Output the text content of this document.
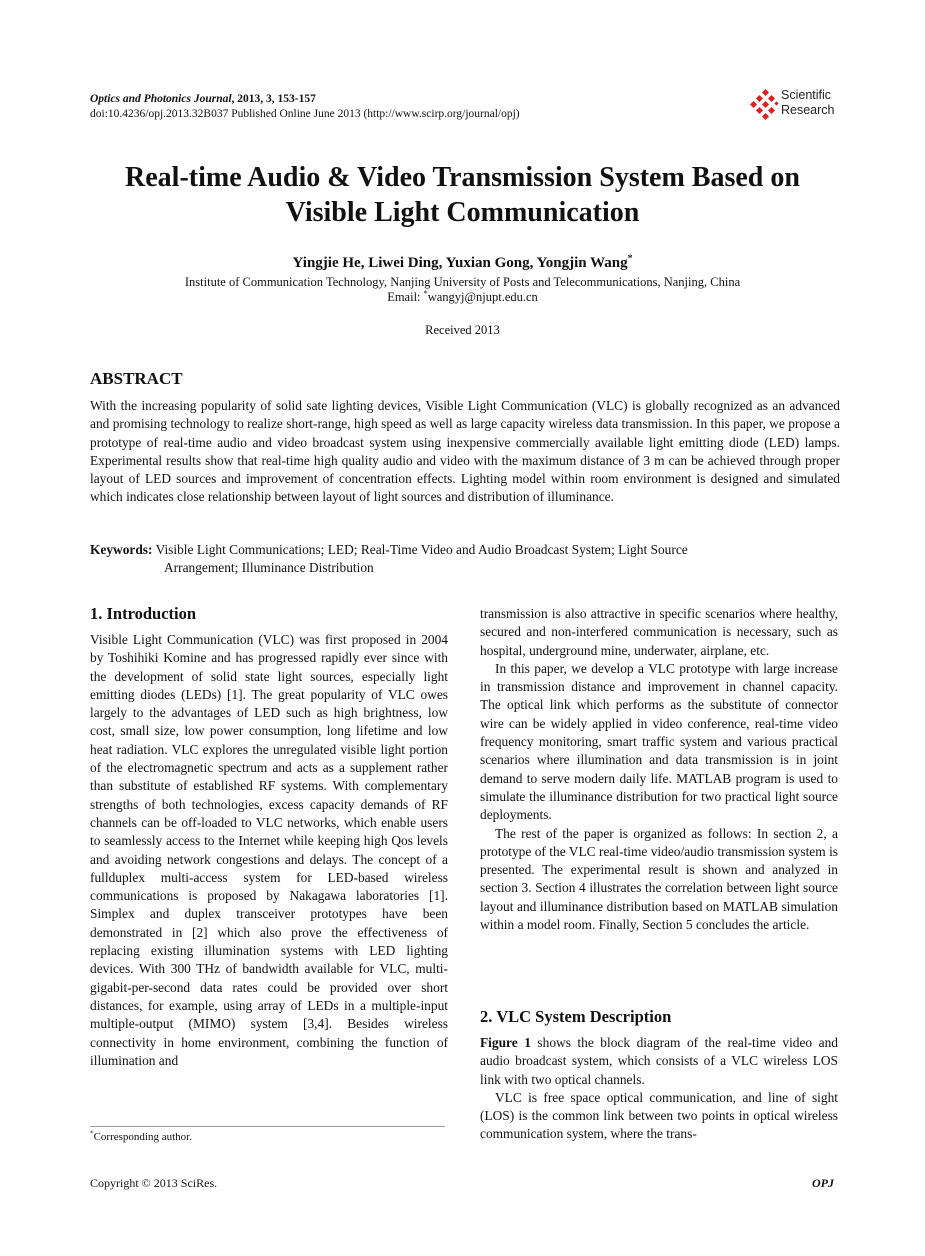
Optics and Photonics Journal, 2013, 3, 153-157
doi:10.4236/opj.2013.32B037 Published Online June 2013 (http://www.scirp.org/journal/opj)
Scientific
Research
Real-time Audio & Video Transmission System Based on
Visible Light Communication
Yingjie He, Liwei Ding, Yuxian Gong, Yongjin Wang*
Institute of Communication Technology, Nanjing University of Posts and Telecommunications, Nanjing, China
Email: *wangyj@njupt.edu.cn
Received 2013
ABSTRACT
With the increasing popularity of solid sate lighting devices, Visible Light Communication (VLC) is globally recognized as an advanced and promising technology to realize short-range, high speed as well as large capacity wireless data transmission. In this paper, we propose a prototype of real-time audio and video broadcast system using inexpensive commercially available light emitting diode (LED) lamps. Experimental results show that real-time high quality audio and video with the maximum distance of 3 m can be achieved through proper layout of LED sources and improvement of concentration effects. Lighting model within room environment is designed and simulated which indicates close relationship between layout of light sources and distribution of illuminance.
Keywords: Visible Light Communications; LED; Real-Time Video and Audio Broadcast System; Light Source
Arrangement; Illuminance Distribution
1. Introduction

Visible Light Communication (VLC) was first proposed in 2004 by Toshihiki Komine and has progressed rapidly ever since with the development of solid state light sources, especially light emitting diodes (LEDs) [1]. The great popularity of VLC owes largely to the advantages of LED such as high brightness, low cost, small size, low power consumption, long lifetime and low heat radiation. VLC explores the unregulated visible light portion of the electromagnetic spectrum and acts as a supplement rather than substitute of established RF systems. With complementary strengths of both technologies, excess capacity demands of RF channels can be off-loaded to VLC networks, which enable users to seamlessly access to the Internet while keeping high Qos levels and avoiding network congestions and delays. The concept of a fullduplex multi-access system for LED-based wireless communications is proposed by Nakagawa laboratories [1]. Simplex and duplex transceiver prototypes have been demonstrated in [2] which also prove the effectiveness of replacing existing illumination systems with LED lighting devices. With 300 THz of bandwidth available for VLC, multi- gigabit-per-second data rates could be provided over short distances, for example, using array of LEDs in a multiple-input multiple-output (MIMO) system [3,4]. Besides wireless connectivity in home environment, combining the function of illumination and

transmission is also attractive in specific scenarios where healthy, secured and non-interfered communication is necessary, such as hospital, underground mine, underwater, airplane, etc.

In this paper, we develop a VLC prototype with large increase in transmission distance and improvement in channel capacity. The optical link which performs as the substitute of connector wire can be widely applied in video conference, real-time video frequency monitoring, smart traffic system and various practical scenarios where illumination and data transmission is in joint demand to serve modern daily life. MATLAB program is used to simulate the illuminance distribution for two practical light source deployments.

The rest of the paper is organized as follows: In section 2, a prototype of the VLC real-time video/audio transmission system is presented. The experimental result is shown and analyzed in section 3. Section 4 illustrates the correlation between light source layout and illuminance distribution based on MATLAB simulation within a model room. Finally, Section 5 concludes the article.

2. VLC System Description

Figure 1 shows the block diagram of the real-time video and audio broadcast system, which consists of a VLC wireless LOS link with two optical channels.

VLC is free space optical communication, and line of sight (LOS) is the common link between two points in optical wireless communication system, where the trans-

*Corresponding author.
Copyright © 2013 SciRes.	OPJ
